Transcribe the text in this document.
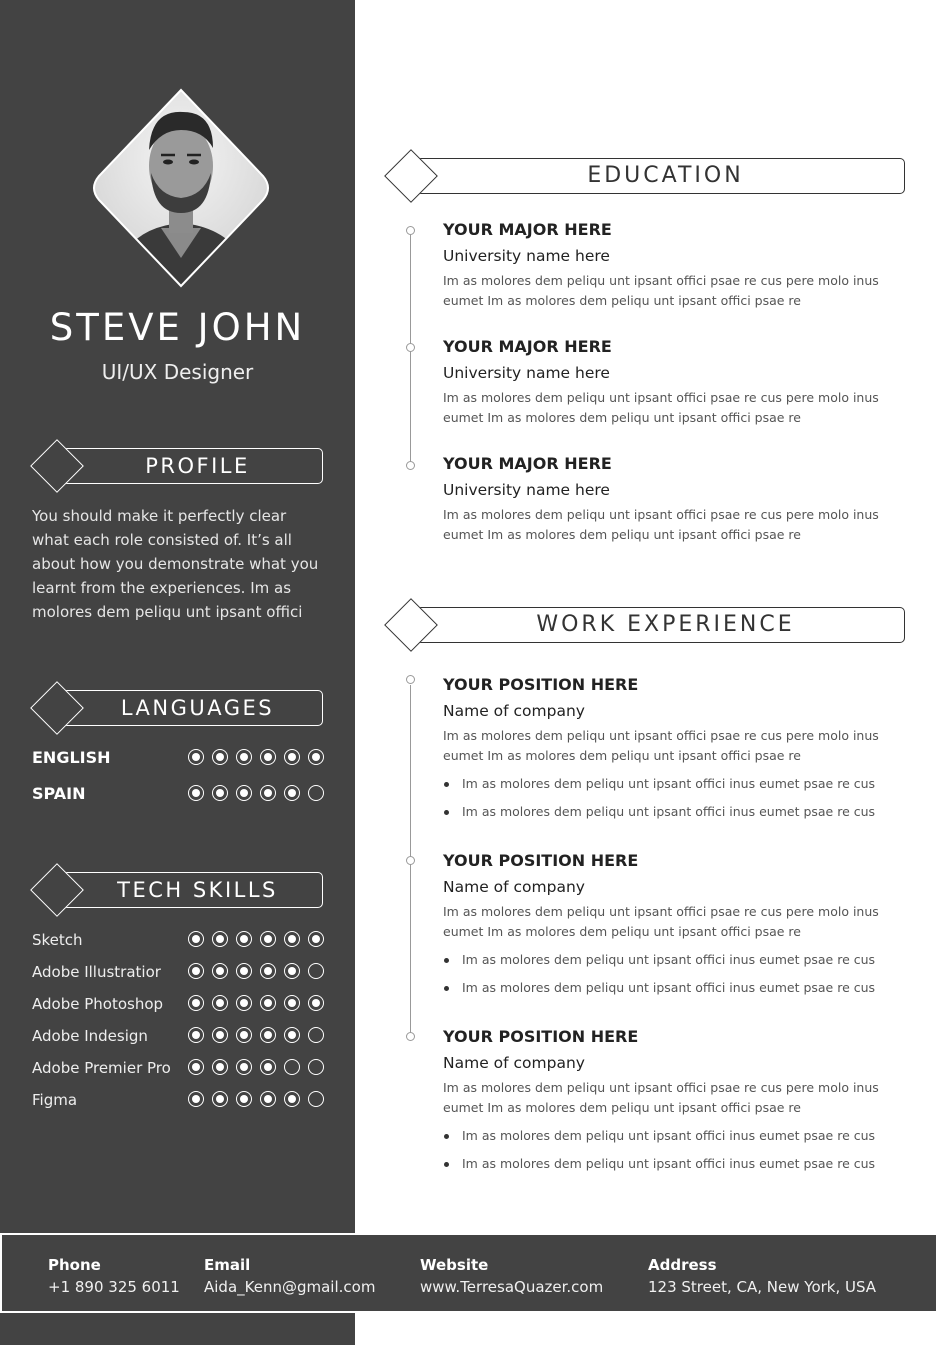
STEVE JOHN
UI/UX Designer
PROFILE
You should make it perfectly clear what each role consisted of. It’s all about how you demonstrate what you learnt from the experiences. Im as molores dem peliqu unt ipsant offici
LANGUAGES
ENGLISH
SPAIN
TECH SKILLS
Sketch
Adobe Illustratior
Adobe Photoshop
Adobe Indesign
Adobe Premier Pro
Figma
EDUCATION
YOUR MAJOR HERE
University name here
Im as molores dem peliqu unt ipsant offici psae re cus pere molo inus eumet Im as molores dem peliqu unt ipsant offici psae re
YOUR MAJOR HERE
University name here
Im as molores dem peliqu unt ipsant offici psae re cus pere molo inus eumet Im as molores dem peliqu unt ipsant offici psae re
YOUR MAJOR HERE
University name here
Im as molores dem peliqu unt ipsant offici psae re cus pere molo inus eumet Im as molores dem peliqu unt ipsant offici psae re
WORK EXPERIENCE
YOUR POSITION HERE
Name of company
Im as molores dem peliqu unt ipsant offici psae re cus pere molo inus eumet Im as molores dem peliqu unt ipsant offici psae re
Im as molores dem peliqu unt ipsant offici inus eumet psae re cus
Im as molores dem peliqu unt ipsant offici inus eumet psae re cus
YOUR POSITION HERE
Name of company
Im as molores dem peliqu unt ipsant offici psae re cus pere molo inus eumet Im as molores dem peliqu unt ipsant offici psae re
Im as molores dem peliqu unt ipsant offici inus eumet psae re cus
Im as molores dem peliqu unt ipsant offici inus eumet psae re cus
YOUR POSITION HERE
Name of company
Im as molores dem peliqu unt ipsant offici psae re cus pere molo inus eumet Im as molores dem peliqu unt ipsant offici psae re
Im as molores dem peliqu unt ipsant offici inus eumet psae re cus
Im as molores dem peliqu unt ipsant offici inus eumet psae re cus
Phone
+1 890 325 6011
Email
Aida_Kenn@gmail.com
Website
www.TerresaQuazer.com
Address
123 Street, CA, New York, USA
